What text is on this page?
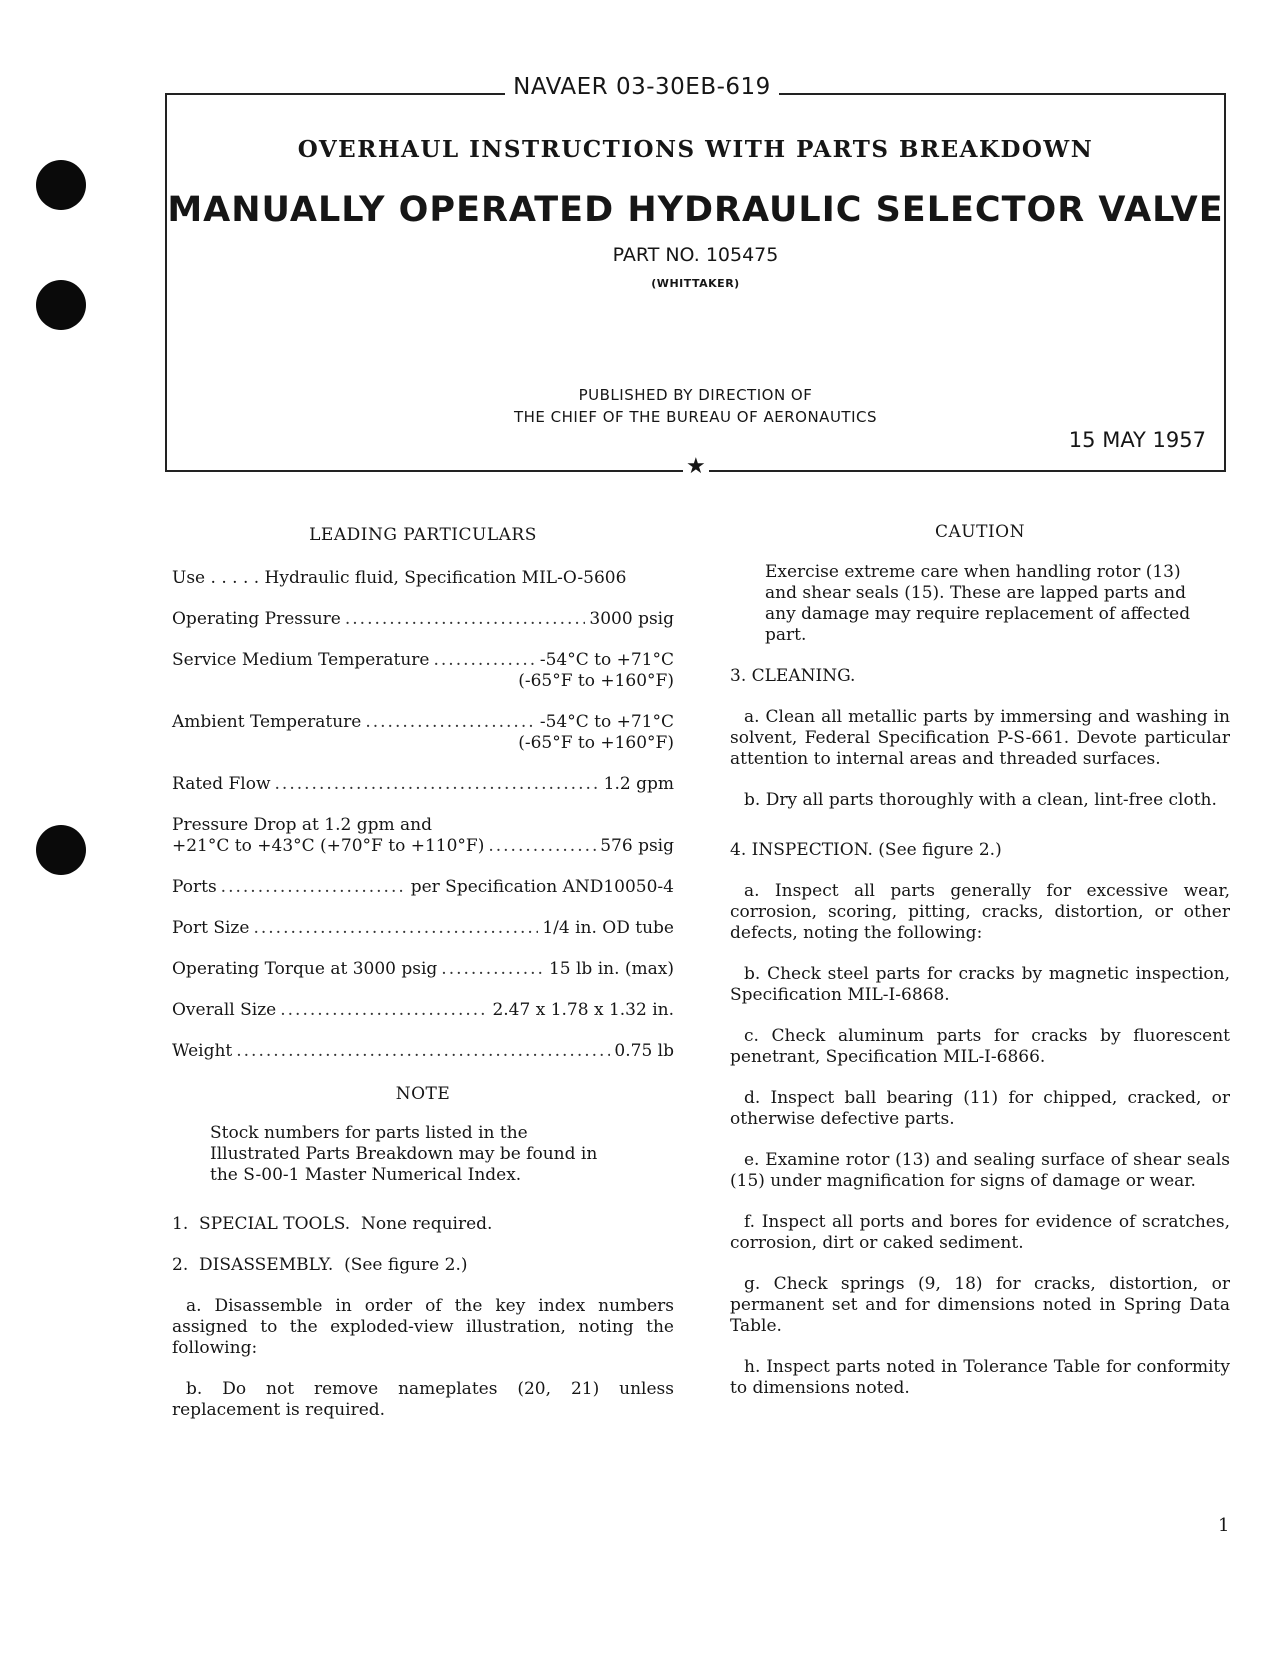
NAVAER 03-30EB-619
OVERHAUL INSTRUCTIONS WITH PARTS BREAKDOWN
MANUALLY OPERATED HYDRAULIC SELECTOR VALVE
PART NO. 105475
(WHITTAKER)
PUBLISHED BY DIRECTION OF
THE CHIEF OF THE BUREAU OF AERONAUTICS
15 MAY 1957
★
LEADING PARTICULARS
Use . . . . . Hydraulic fluid, Specification MIL-O-5606
Operating Pressure .....	3000 psig
Service Medium Temperature .....	-54°C to +71°C
(-65°F to +160°F)
Ambient Temperature .....	-54°C to +71°C
(-65°F to +160°F)
Rated Flow .....	1.2 gpm
Pressure Drop at 1.2 gpm and
+21°C to +43°C (+70°F to +110°F) .....	576 psig
Ports .....	per Specification AND10050-4
Port Size .....	1/4 in. OD tube
Operating Torque at 3000 psig .....	15 lb in. (max)
Overall Size .....	2.47 x 1.78 x 1.32 in.
Weight .....	0.75 lb
NOTE

Stock numbers for parts listed in the Illustrated Parts Breakdown may be found in the S-00-1 Master Numerical Index.

1. SPECIAL TOOLS. None required.
2. DISASSEMBLY. (See figure 2.)

a. Disassemble in order of the key index numbers assigned to the exploded-view illustration, noting the following:

b. Do not remove nameplates (20, 21) unless replacement is required.

CAUTION

Exercise extreme care when handling rotor (13) and shear seals (15). These are lapped parts and any damage may require replacement of affected part.

3. CLEANING.

a. Clean all metallic parts by immersing and washing in solvent, Federal Specification P-S-661. Devote particular attention to internal areas and threaded surfaces.

b. Dry all parts thoroughly with a clean, lint-free cloth.

4. INSPECTION. (See figure 2.)

a. Inspect all parts generally for excessive wear, corrosion, scoring, pitting, cracks, distortion, or other defects, noting the following:

b. Check steel parts for cracks by magnetic inspection, Specification MIL-I-6868.

c. Check aluminum parts for cracks by fluorescent penetrant, Specification MIL-I-6866.

d. Inspect ball bearing (11) for chipped, cracked, or otherwise defective parts.

e. Examine rotor (13) and sealing surface of shear seals (15) under magnification for signs of damage or wear.

f. Inspect all ports and bores for evidence of scratches, corrosion, dirt or caked sediment.

g. Check springs (9, 18) for cracks, distortion, or permanent set and for dimensions noted in Spring Data Table.

h. Inspect parts noted in Tolerance Table for conformity to dimensions noted.

1
